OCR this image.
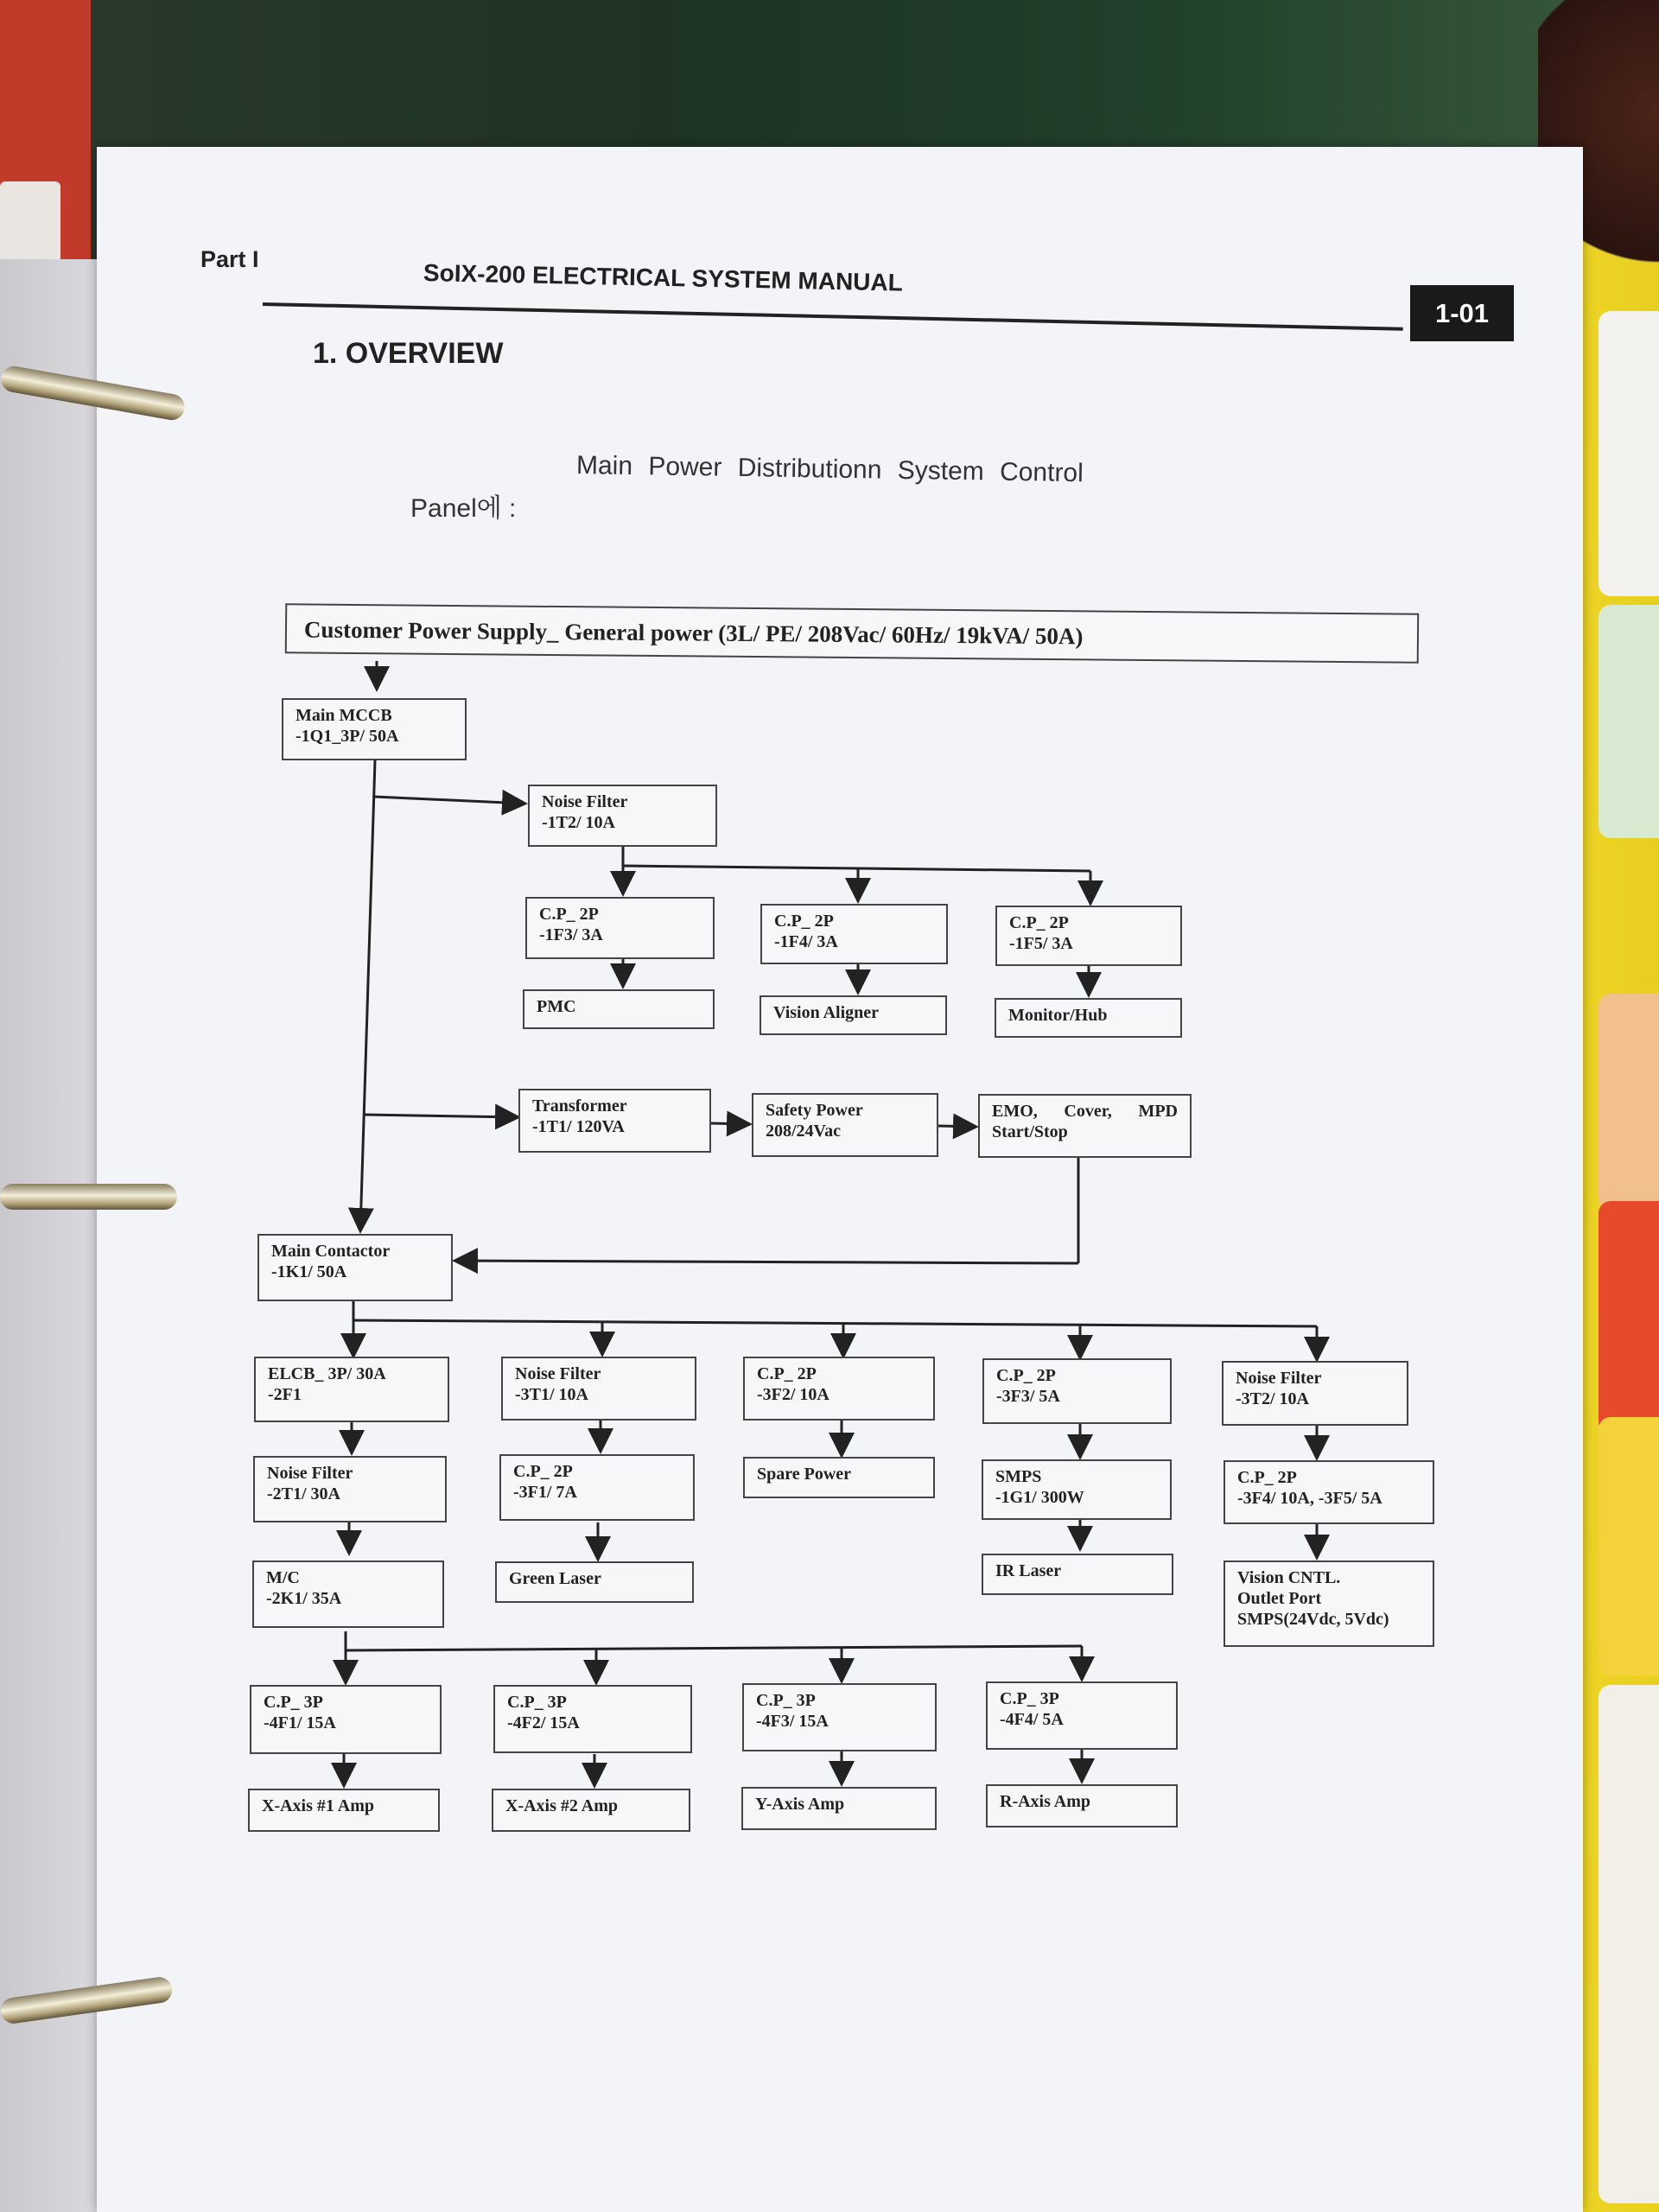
Part I
SoIX-200 ELECTRICAL SYSTEM MANUAL
1-01
1. OVERVIEW
Main Power Distributionn System Control
Panel에 :
Customer Power Supply_ General power (3L/ PE/ 208Vac/ 60Hz/ 19kVA/ 50A)
Main MCCB
-1Q1_3P/ 50A
Noise Filter
-1T2/ 10A
C.P_ 2P
-1F3/ 3A
C.P_ 2P
-1F4/ 3A
C.P_ 2P
-1F5/ 3A
PMC	Vision Aligner	Monitor/Hub
Transformer
-1T1/ 120VA
Safety Power
208/24Vac
EMO, Cover, MPD
Start/Stop
Main Contactor
-1K1/ 50A
ELCB_ 3P/ 30A
-2F1
Noise Filter
-3T1/ 10A
C.P_ 2P
-3F2/ 10A
C.P_ 2P
-3F3/ 5A
Noise Filter
-3T2/ 10A
Noise Filter
-2T1/ 30A
C.P_ 2P
-3F1/ 7A
Spare Power	SMPS
-1G1/ 300W
C.P_ 2P
-3F4/ 10A, -3F5/ 5A
M/C
-2K1/ 35A
Green Laser	IR Laser	Vision CNTL.
Outlet Port
SMPS(24Vdc, 5Vdc)
C.P_ 3P
-4F1/ 15A
C.P_ 3P
-4F2/ 15A
C.P_ 3P
-4F3/ 15A
C.P_ 3P
-4F4/ 5A
X-Axis #1 Amp	X-Axis #2 Amp	Y-Axis Amp	R-Axis Amp
